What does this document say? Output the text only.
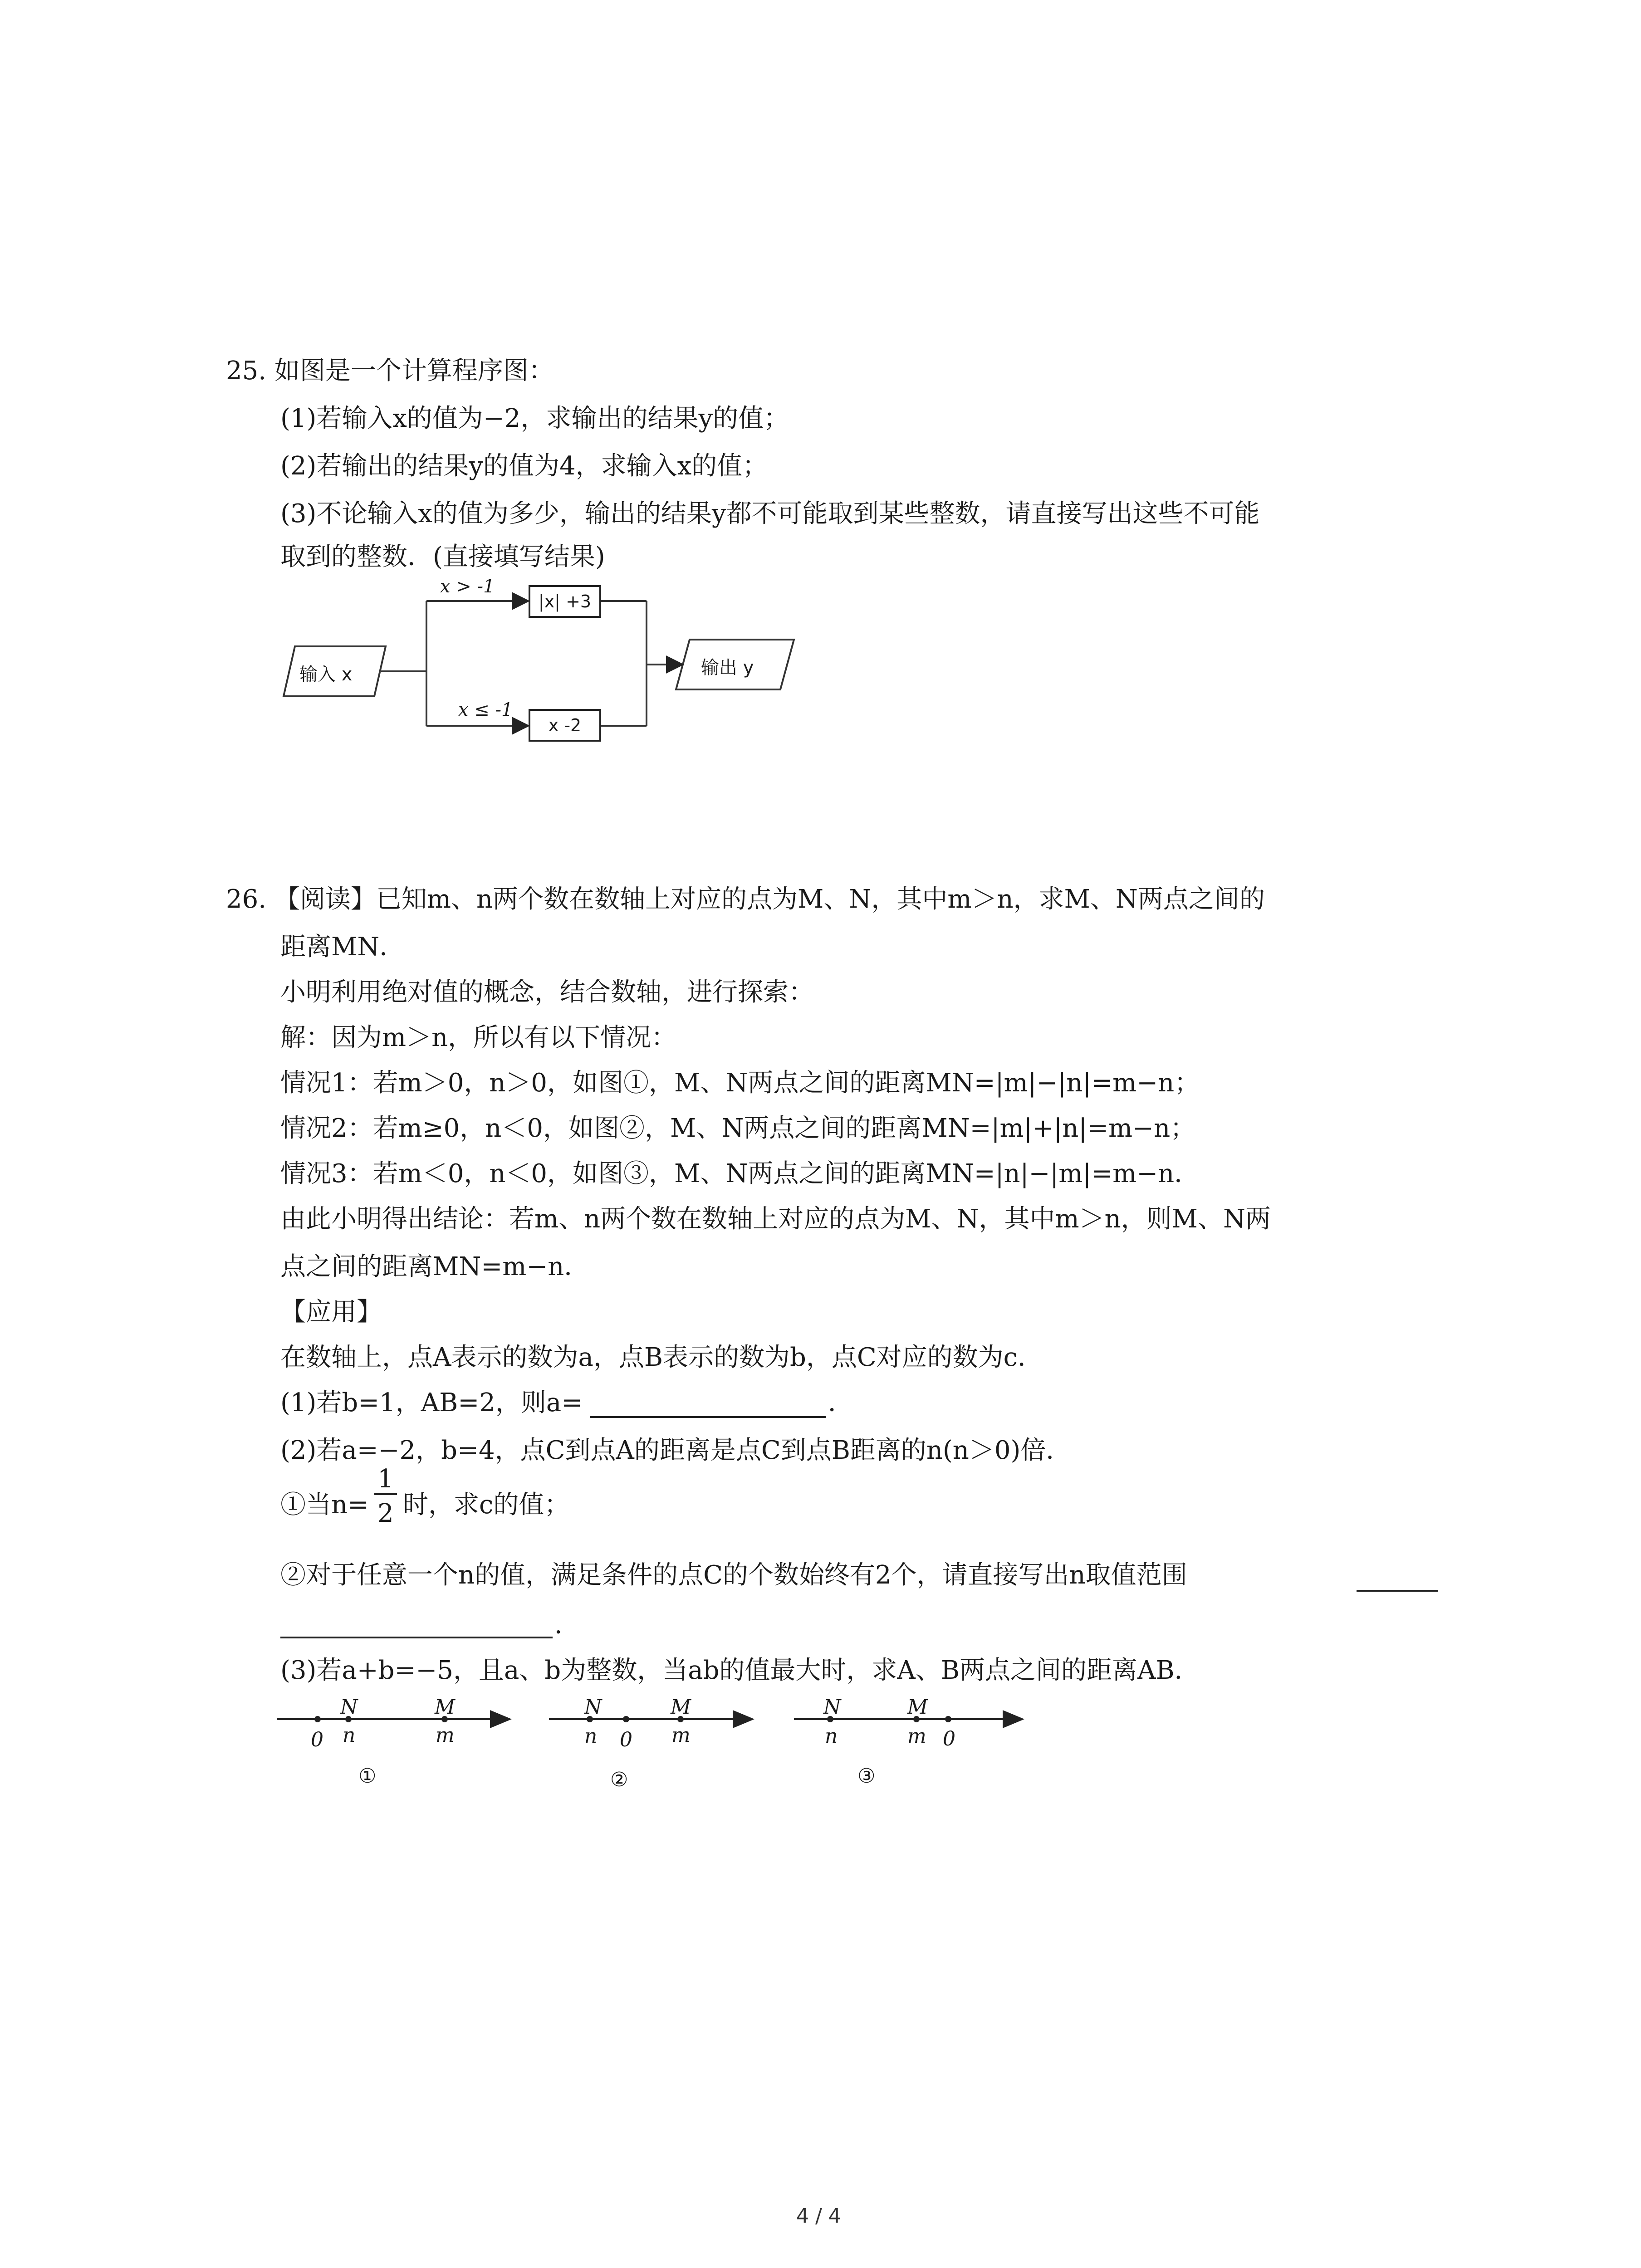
25. 如图是一个计算程序图：
(1)若输入x的值为−2，求输出的结果y的值；
(2)若输出的结果y的值为4，求输入x的值；
(3)不论输入x的值为多少，输出的结果y都不可能取到某些整数，请直接写出这些不可能
取到的整数．(直接填写结果)
输入 x	输出 y
x > -1
x ≤ -1
|x| +3
x -2
26. 【阅读】已知m、n两个数在数轴上对应的点为M、N，其中m＞n，求M、N两点之间的
距离MN．
小明利用绝对值的概念，结合数轴，进行探索：
解：因为m＞n，所以有以下情况：
情况1：若m＞0，n＞0，如图①，M、N两点之间的距离MN=|m|−|n|=m−n；
情况2：若m≥0，n＜0，如图②，M、N两点之间的距离MN=|m|+|n|=m−n；
情况3：若m＜0，n＜0，如图③，M、N两点之间的距离MN=|n|−|m|=m−n．
由此小明得出结论：若m、n两个数在数轴上对应的点为M、N，其中m＞n，则M、N两
点之间的距离MN=m−n．
【应用】
在数轴上，点A表示的数为a，点B表示的数为b，点C对应的数为c．
(1)若b=1，AB=2，则a=	．
(2)若a=−2，b=4，点C到点A的距离是点C到点B距离的n(n＞0)倍．
①当n=
1
2 时，求c的值；
②对于任意一个n的值，满足条件的点C的个数始终有2个，请直接写出n取值范围
．
(3)若a+b=−5，且a、b为整数，当ab的值最大时，求A、B两点之间的距离AB．
0
N
n
M
m
①
N
n 0
M
m
②
N
n
M
m 0
③
4 / 4
